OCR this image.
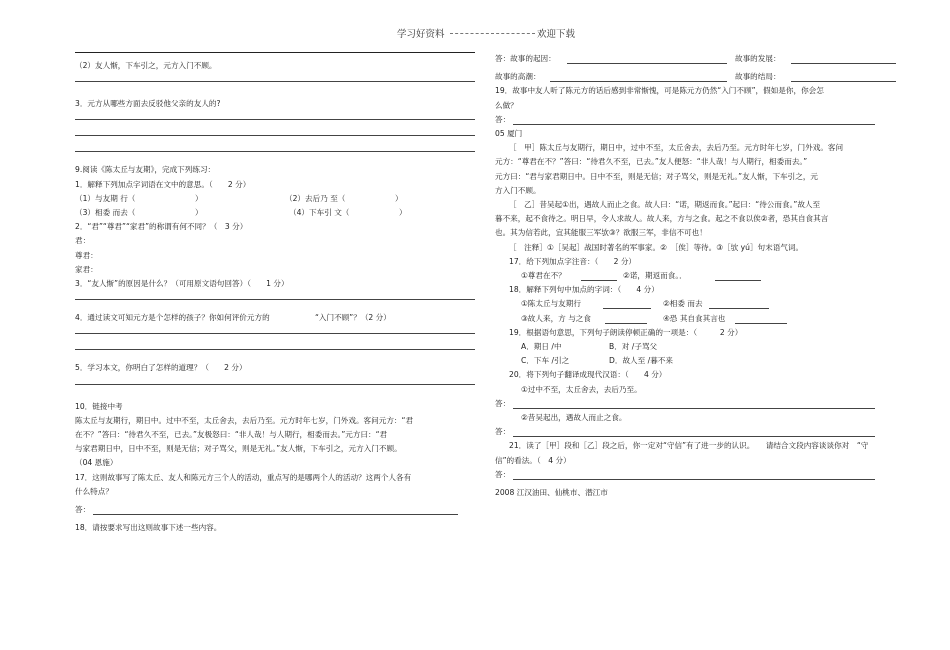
学习好资料	欢迎下载
（2）友人惭，下车引之，元方入门不顾。
3．元方从哪些方面去反驳他父亲的友人的?
9.阅读《陈太丘与友期》，完成下列练习：
1．解释下列加点字词语在文中的意思。（　　2 分）
（1）与友期 行（	）	（2）去后乃 至（	）
（3）相委 而去（	）	（4）下车引 文（	）
2．“君”“尊君”“家君”的称谓有何不同？（　3 分）
君：
尊君：
家君：
3．“友人惭”的原因是什么？（可用原文语句回答）（　　1 分）
4．通过读文可知元方是个怎样的孩子？你如何评价元方的	“入门不顾”？（2 分）
5．学习本文，你明白了怎样的道理？（　　2 分）
10．链接中考
陈太丘与友期行，期日中。过中不至，太丘舍去，去后乃至。元方时年七岁，门外戏。客问元方：“君
在不？”答曰：“待君久不至，已去。”友极怒曰：“非人哉！与人期行，相委而去。”元方曰：“君
与家君期日中，日中不至，则是无信；对子骂父，则是无礼。”友人惭，下车引之，元方入门不顾。
（04 恩施）
17．这则故事写了陈太丘、友人和陈元方三个人的活动，重点写的是哪两个人的活动？这两个人各有
什么特点？
答：
18．请按要求写出这则故事下述一些内容。
答：故事的起因：	故事的发展：
故事的高潮：	故事的结局：
19．故事中友人听了陈元方的话后感到非常惭愧，可是陈元方仍然“入门不顾”，假如是你，你会怎
么做？
答：
05 厦门
［　甲］陈太丘与友期行，期日中，过中不至，太丘舍去，去后乃至。元方时年七岁，门外戏。客问
元方：“尊君在不？”答曰：“待君久不至，已去。”友人便怒：“非人哉！与人期行，相委而去。”
元方曰：“君与家君期日中。日中不至，则是无信；对子骂父，则是无礼。”友人惭，下车引之，元
方入门不顾。
［　乙］昔吴起①出，遇故人而止之食。故人曰：“诺，期返而食。”起曰：“待公而食。”故人至
暮不来，起不食待之。明日早，令人求故人。故人来，方与之食。起之不食以俟②者，恐其自食其言
也。其为信若此，宜其能服三军欤③？欲服三军，非信不可也！
［　注释］①［吴起］战国时著名的军事家。②　［俟］等待。③［欤 yú］句末语气词。
17．给下列加点字注音：（　　2 分）
①尊君在不？	②诺，期返而食。．
18．解释下列句中加点的字词：（　　4 分）
①陈太丘与友期行	②相委 而去
③故人来，方 与之食	④恐 其自食其言也
19．根据语句意思，下列句子朗读停顿正确的一项是：（　　　2 分）
A．期日 /中	B．对 /子骂父
C．下车 /引之	D．故人至 /暮不来
20．将下列句子翻译成现代汉语：（　　4 分）
①过中不至，太丘舍去，去后乃至。
答：
②昔吴起出，遇故人而止之食。
答：
21．读了［甲］段和［乙］段之后，你一定对“守信”有了进一步的认识。　　请结合文段内容谈谈你对　“守
信”的看法。（　4 分）
答：
2008 江汉油田、仙桃市、潜江市
